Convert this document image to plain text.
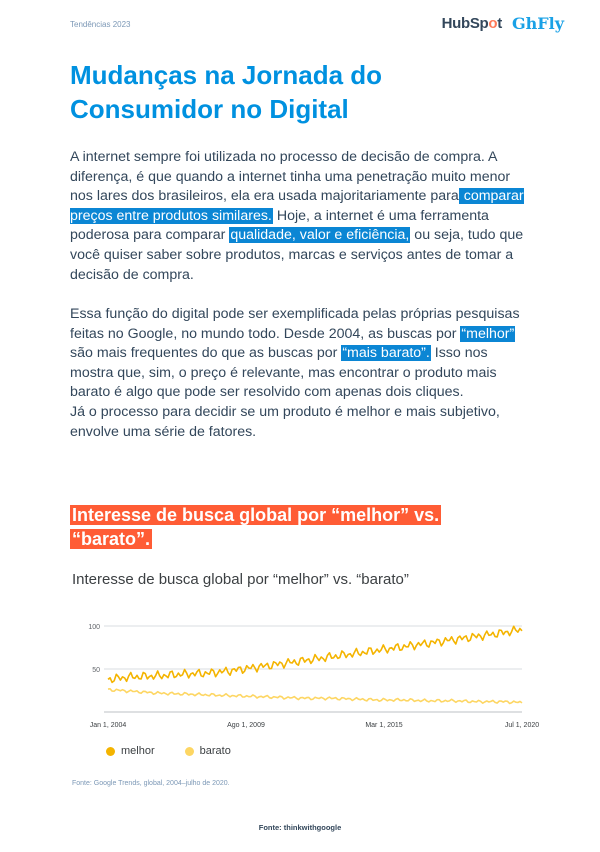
Tendências 2023	HubSpot GhFly
Mudanças na Jornada do Consumidor no Digital

A internet sempre foi utilizada no processo de decisão de compra. A diferença, é que quando a internet tinha uma penetração muito menor nos lares dos brasileiros, ela era usada majoritariamente para comparar preços entre produtos similares. Hoje, a internet é uma ferramenta poderosa para comparar qualidade, valor e eficiência, ou seja, tudo que você quiser saber sobre produtos, marcas e serviços antes de tomar a decisão de compra.

Essa função do digital pode ser exemplificada pelas próprias pesquisas feitas no Google, no mundo todo. Desde 2004, as buscas por “melhor” são mais frequentes do que as buscas por “mais barato”. Isso nos mostra que, sim, o preço é relevante, mas encontrar o produto mais barato é algo que pode ser resolvido com apenas dois cliques.
Já o processo para decidir se um produto é melhor e mais subjetivo, envolve uma série de fatores.

Interesse de busca global por “melhor” vs. “barato”.

Interesse de busca global por “melhor” vs. “barato”

100
50
Jan 1, 2004	Ago 1, 2009	Mar 1, 2015	Jul 1, 2020
melhor	barato
Fonte: Google Trends, global, 2004–julho de 2020.
Fonte: thinkwithgoogle
